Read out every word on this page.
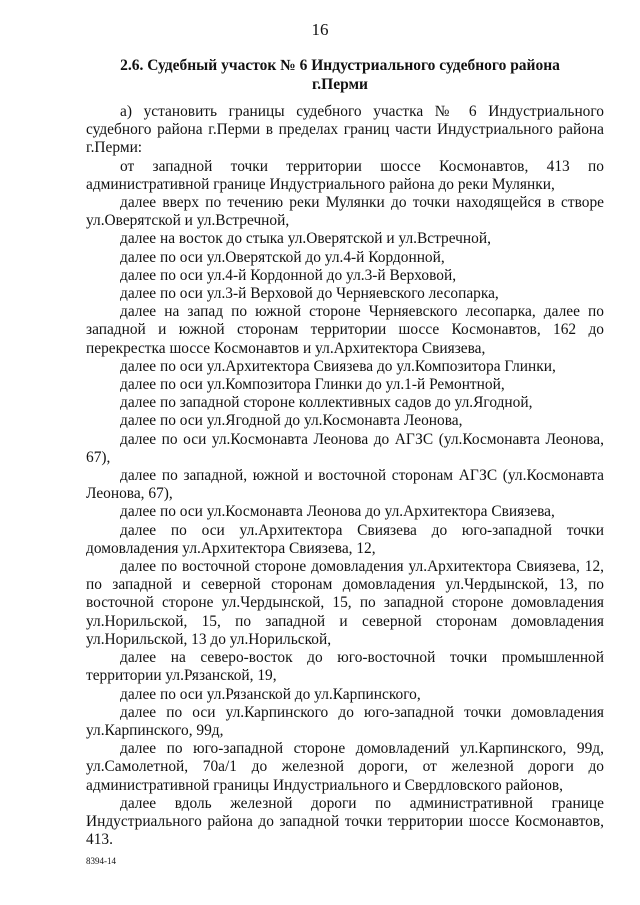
16
2.6. Судебный участок № 6 Индустриального судебного района
г.Перми

а) установить границы судебного участка № 6 Индустриального судебного района г.Перми в пределах границ части Индустриального района г.Перми:

от западной точки территории шоссе Космонавтов, 413 по административной границе Индустриального района до реки Мулянки,

далее вверх по течению реки Мулянки до точки находящейся в створе ул.Оверятской и ул.Встречной,

далее на восток до стыка ул.Оверятской и ул.Встречной,

далее по оси ул.Оверятской до ул.4-й Кордонной,

далее по оси ул.4-й Кордонной до ул.3-й Верховой,

далее по оси ул.3-й Верховой до Черняевского лесопарка,

далее на запад по южной стороне Черняевского лесопарка, далее по западной и южной сторонам территории шоссе Космонавтов, 162 до перекрестка шоссе Космонавтов и ул.Архитектора Свиязева,

далее по оси ул.Архитектора Свиязева до ул.Композитора Глинки,

далее по оси ул.Композитора Глинки до ул.1-й Ремонтной,

далее по западной стороне коллективных садов до ул.Ягодной,

далее по оси ул.Ягодной до ул.Космонавта Леонова,

далее по оси ул.Космонавта Леонова до АГЗС (ул.Космонавта Леонова, 67),

далее по западной, южной и восточной сторонам АГЗС (ул.Космонавта Леонова, 67),

далее по оси ул.Космонавта Леонова до ул.Архитектора Свиязева,

далее по оси ул.Архитектора Свиязева до юго-западной точки домовладения ул.Архитектора Свиязева, 12,

далее по восточной стороне домовладения ул.Архитектора Свиязева, 12, по западной и северной сторонам домовладения ул.Чердынской, 13, по восточной стороне ул.Чердынской, 15, по западной стороне домовладения ул.Норильской, 15, по западной и северной сторонам домовладения ул.Норильской, 13 до ул.Норильской,

далее на северо-восток до юго-восточной точки промышленной территории ул.Рязанской, 19,

далее по оси ул.Рязанской до ул.Карпинского,

далее по оси ул.Карпинского до юго-западной точки домовладения ул.Карпинского, 99д,

далее по юго-западной стороне домовладений ул.Карпинского, 99д, ул.Самолетной, 70а/1 до железной дороги, от железной дороги до административной границы Индустриального и Свердловского районов,

далее вдоль железной дороги по административной границе Индустриального района до западной точки территории шоссе Космонавтов, 413.

8394-14
